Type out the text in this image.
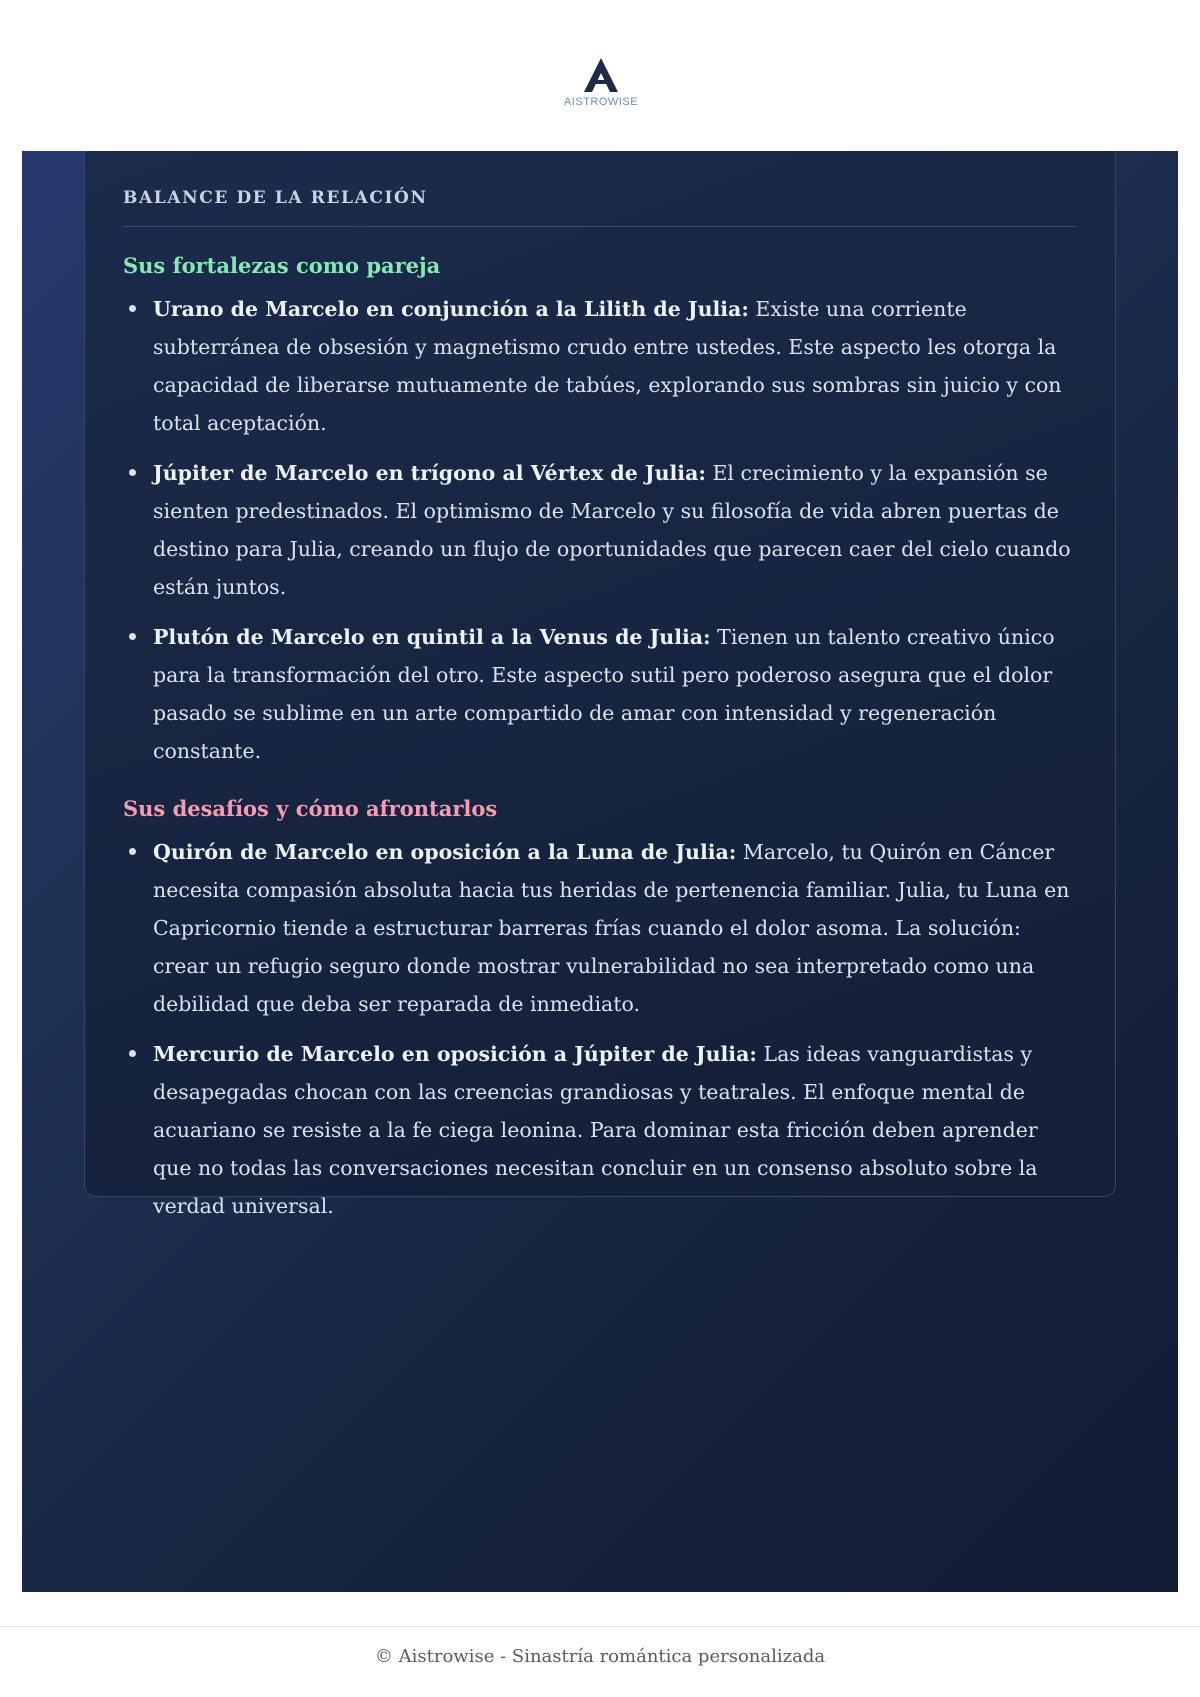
AISTROWISE
BALANCE DE LA RELACIÓN
Sus fortalezas como pareja
Urano de Marcelo en conjunción a la Lilith de Julia: Existe una corriente subterránea de obsesión y magnetismo crudo entre ustedes. Este aspecto les otorga la capacidad de liberarse mutuamente de tabúes, explorando sus sombras sin juicio y con total aceptación.
Júpiter de Marcelo en trígono al Vértex de Julia: El crecimiento y la expansión se sienten predestinados. El optimismo de Marcelo y su filosofía de vida abren puertas de destino para Julia, creando un flujo de oportunidades que parecen caer del cielo cuando están juntos.
Plutón de Marcelo en quintil a la Venus de Julia: Tienen un talento creativo único para la transformación del otro. Este aspecto sutil pero poderoso asegura que el dolor pasado se sublime en un arte compartido de amar con intensidad y regeneración constante.
Sus desafíos y cómo afrontarlos
Quirón de Marcelo en oposición a la Luna de Julia: Marcelo, tu Quirón en Cáncer necesita compasión absoluta hacia tus heridas de pertenencia familiar. Julia, tu Luna en Capricornio tiende a estructurar barreras frías cuando el dolor asoma. La solución: crear un refugio seguro donde mostrar vulnerabilidad no sea interpretado como una debilidad que deba ser reparada de inmediato.
Mercurio de Marcelo en oposición a Júpiter de Julia: Las ideas vanguardistas y desapegadas chocan con las creencias grandiosas y teatrales. El enfoque mental de acuariano se resiste a la fe ciega leonina. Para dominar esta fricción deben aprender que no todas las conversaciones necesitan concluir en un consenso absoluto sobre la verdad universal.
© Aistrowise - Sinastría romántica personalizada
